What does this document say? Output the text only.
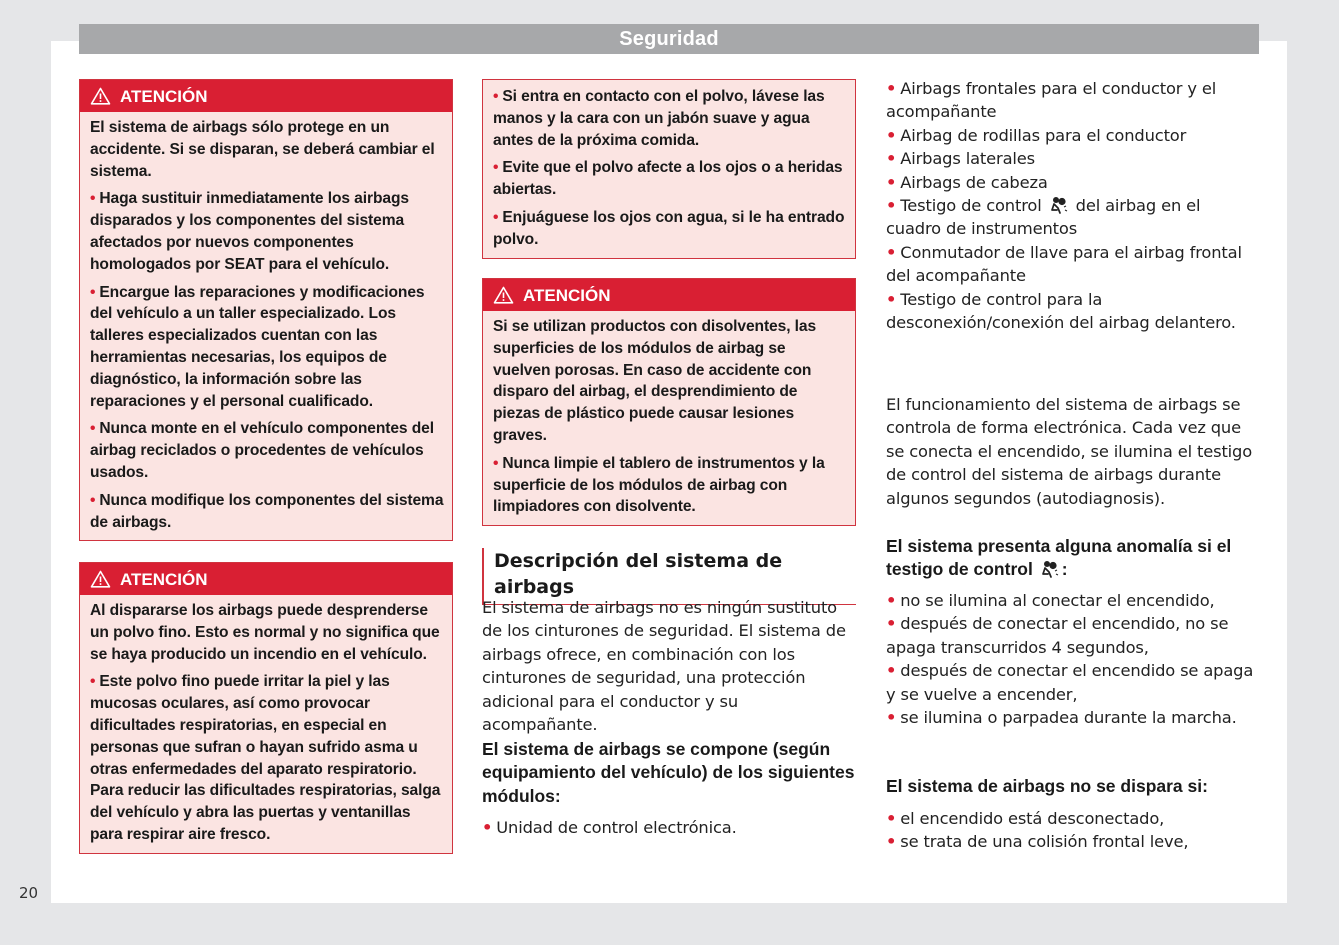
Seguridad
20
ATENCIÓN

El sistema de airbags sólo protege en un accidente. Si se disparan, se deberá cambiar el sistema.

• Haga sustituir inmediatamente los airbags disparados y los componentes del sistema afectados por nuevos componentes homologados por SEAT para el vehículo.

• Encargue las reparaciones y modificaciones del vehículo a un taller especializado. Los talleres especializados cuentan con las herramientas necesarias, los equipos de diagnóstico, la información sobre las reparaciones y el personal cualificado.

• Nunca monte en el vehículo componentes del airbag reciclados o procedentes de vehículos usados.

• Nunca modifique los componentes del sistema de airbags.

ATENCIÓN

Al dispararse los airbags puede desprenderse un polvo fino. Esto es normal y no significa que se haya producido un incendio en el vehículo.

• Este polvo fino puede irritar la piel y las mucosas oculares, así como provocar dificultades respiratorias, en especial en personas que sufran o hayan sufrido asma u otras enfermedades del aparato respiratorio. Para reducir las dificultades respiratorias, salga del vehículo y abra las puertas y ventanillas para respirar aire fresco.

• Si entra en contacto con el polvo, lávese las manos y la cara con un jabón suave y agua antes de la próxima comida.

• Evite que el polvo afecte a los ojos o a heridas abiertas.

• Enjuáguese los ojos con agua, si le ha entrado polvo.

ATENCIÓN

Si se utilizan productos con disolventes, las superficies de los módulos de airbag se vuelven porosas. En caso de accidente con disparo del airbag, el desprendimiento de piezas de plástico puede causar lesiones graves.

• Nunca limpie el tablero de instrumentos y la superficie de los módulos de airbag con limpiadores con disolvente.

Descripción del sistema de airbags

El sistema de airbags no es ningún sustituto de los cinturones de seguridad. El sistema de airbags ofrece, en combinación con los cinturones de seguridad, una protección adicional para el conductor y su acompañante.

El sistema de airbags se compone (según equipamiento del vehículo) de los siguientes módulos:

• Unidad de control electrónica.

• Airbags frontales para el conductor y el acompañante

• Airbag de rodillas para el conductor

• Airbags laterales

• Airbags de cabeza

• Testigo de control del airbag en el cuadro de instrumentos

• Conmutador de llave para el airbag frontal del acompañante

• Testigo de control para la desconexión/conexión del airbag delantero.

El funcionamiento del sistema de airbags se controla de forma electrónica. Cada vez que se conecta el encendido, se ilumina el testigo de control del sistema de airbags durante algunos segundos (autodiagnosis).

El sistema presenta alguna anomalía si el testigo de control :

• no se ilumina al conectar el encendido,

• después de conectar el encendido, no se apaga transcurridos 4 segundos,

• después de conectar el encendido se apaga y se vuelve a encender,

• se ilumina o parpadea durante la marcha.

El sistema de airbags no se dispara si:

• el encendido está desconectado,

• se trata de una colisión frontal leve,
